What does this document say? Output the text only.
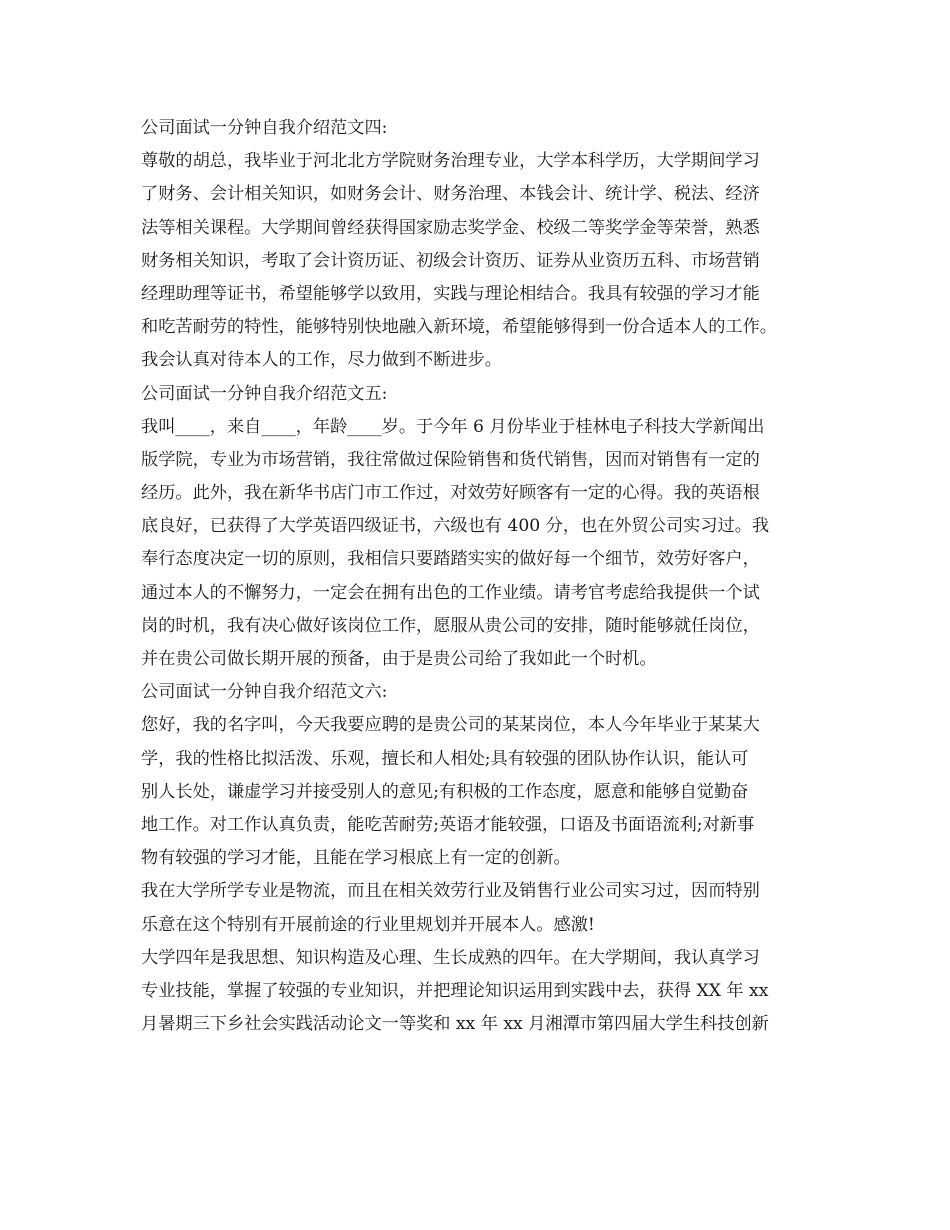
公司面试一分钟自我介绍范文四:
尊敬的胡总，我毕业于河北北方学院财务治理专业，大学本科学历，大学期间学习
了财务、会计相关知识，如财务会计、财务治理、本钱会计、统计学、税法、经济
法等相关课程。大学期间曾经获得国家励志奖学金、校级二等奖学金等荣誉，熟悉
财务相关知识，考取了会计资历证、初级会计资历、证券从业资历五科、市场营销
经理助理等证书，希望能够学以致用，实践与理论相结合。我具有较强的学习才能
和吃苦耐劳的特性，能够特别快地融入新环境，希望能够得到一份合适本人的工作。
我会认真对待本人的工作，尽力做到不断进步。
公司面试一分钟自我介绍范文五:
我叫____，来自____，年龄____岁。于今年 6 月份毕业于桂林电子科技大学新闻出
版学院，专业为市场营销，我往常做过保险销售和货代销售，因而对销售有一定的
经历。此外，我在新华书店门市工作过，对效劳好顾客有一定的心得。我的英语根
底良好，已获得了大学英语四级证书，六级也有 400 分，也在外贸公司实习过。我
奉行态度决定一切的原则，我相信只要踏踏实实的做好每一个细节，效劳好客户，
通过本人的不懈努力，一定会在拥有出色的工作业绩。请考官考虑给我提供一个试
岗的时机，我有决心做好该岗位工作，愿服从贵公司的安排，随时能够就任岗位，
并在贵公司做长期开展的预备，由于是贵公司给了我如此一个时机。
公司面试一分钟自我介绍范文六:
您好，我的名字叫，今天我要应聘的是贵公司的某某岗位，本人今年毕业于某某大
学，我的性格比拟活泼、乐观，擅长和人相处;具有较强的团队协作认识，能认可
别人长处，谦虚学习并接受别人的意见;有积极的工作态度，愿意和能够自觉勤奋
地工作。对工作认真负责，能吃苦耐劳;英语才能较强，口语及书面语流利;对新事
物有较强的学习才能，且能在学习根底上有一定的创新。
我在大学所学专业是物流，而且在相关效劳行业及销售行业公司实习过，因而特别
乐意在这个特别有开展前途的行业里规划并开展本人。感激!
大学四年是我思想、知识构造及心理、生长成熟的四年。在大学期间，我认真学习
专业技能，掌握了较强的专业知识，并把理论知识运用到实践中去，获得 XX 年 xx
月暑期三下乡社会实践活动论文一等奖和 xx 年 xx 月湘潭市第四届大学生科技创新
